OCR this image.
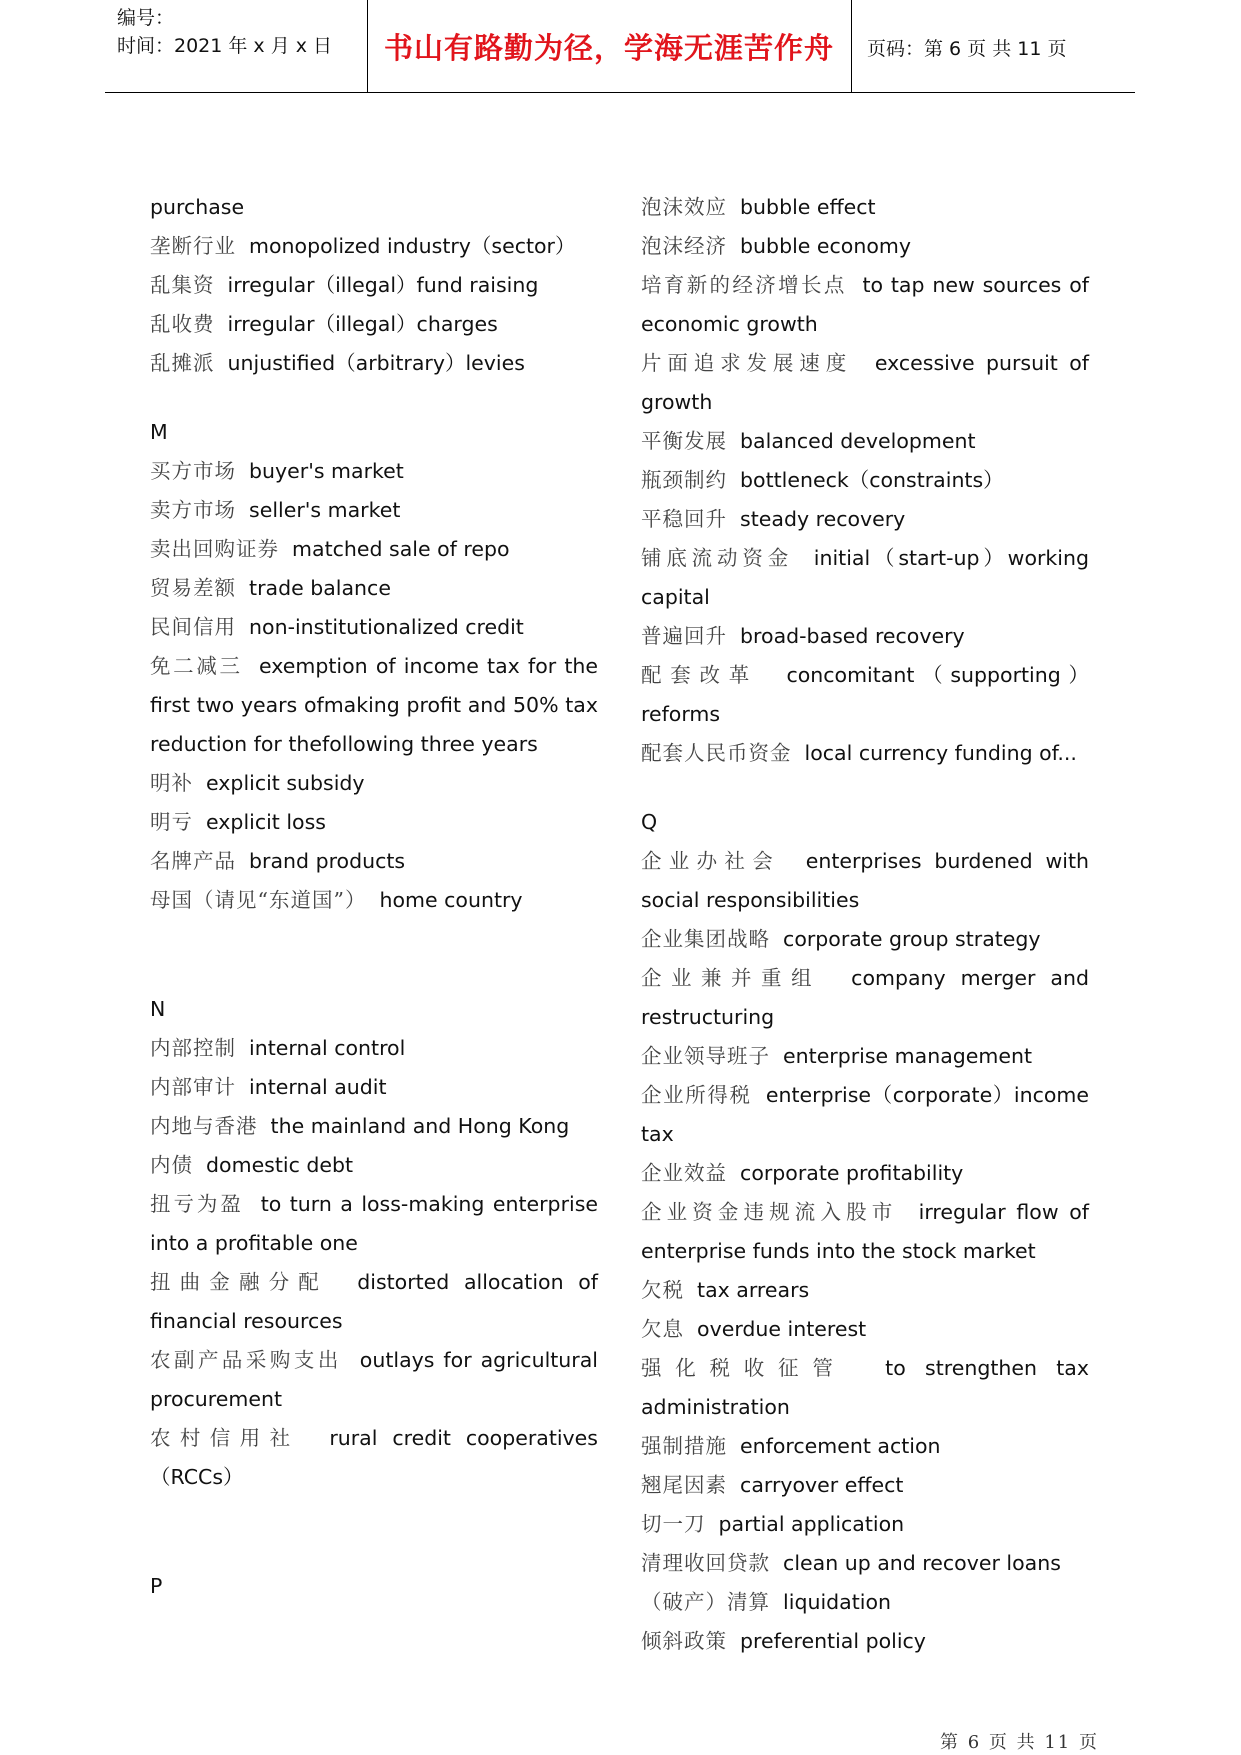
编号：
时间：2021 年 x 月 x 日	书山有路勤为径，学海无涯苦作舟	页码：第 6 页 共 11 页
purchase
垄断行业 monopolized industry（sector）
乱集资 irregular（illegal）fund raising
乱收费 irregular（illegal）charges
乱摊派 unjustified（arbitrary）levies
M
买方市场 buyer's market
卖方市场 seller's market
卖出回购证券 matched sale of repo
贸易差额 trade balance
民间信用 non-institutionalized credit
免二减三 exemption of income tax for the first two years ofmaking profit and 50% tax reduction for thefollowing three years
明补 explicit subsidy
明亏 explicit loss
名牌产品 brand products
母国（请见“东道国”） home country
N
内部控制 internal control
内部审计 internal audit
内地与香港 the mainland and Hong Kong
内债 domestic debt
扭亏为盈 to turn a loss-making enterprise into a profitable one
扭曲金融分配 distorted allocation of financial resources
农副产品采购支出 outlays for agricultural procurement
农村信用社 rural credit cooperatives（RCCs）
P
泡沫效应 bubble effect
泡沫经济 bubble economy
培育新的经济增长点 to tap new sources of economic growth
片面追求发展速度 excessive pursuit of growth
平衡发展 balanced development
瓶颈制约 bottleneck（constraints）
平稳回升 steady recovery
铺底流动资金 initial（start-up）working capital
普遍回升 broad-based recovery
配套改革 concomitant（supporting）reforms
配套人民币资金 local currency funding of...
Q
企业办社会 enterprises burdened with social responsibilities
企业集团战略 corporate group strategy
企业兼并重组 company merger and restructuring
企业领导班子 enterprise management
企业所得税 enterprise（corporate）income tax
企业效益 corporate profitability
企业资金违规流入股市 irregular flow of enterprise funds into the stock market
欠税 tax arrears
欠息 overdue interest
强化税收征管 to strengthen tax administration
强制措施 enforcement action
翘尾因素 carryover effect
切一刀 partial application
清理收回贷款 clean up and recover loans
（破产）清算 liquidation
倾斜政策 preferential policy
第 6 页 共 11 页
